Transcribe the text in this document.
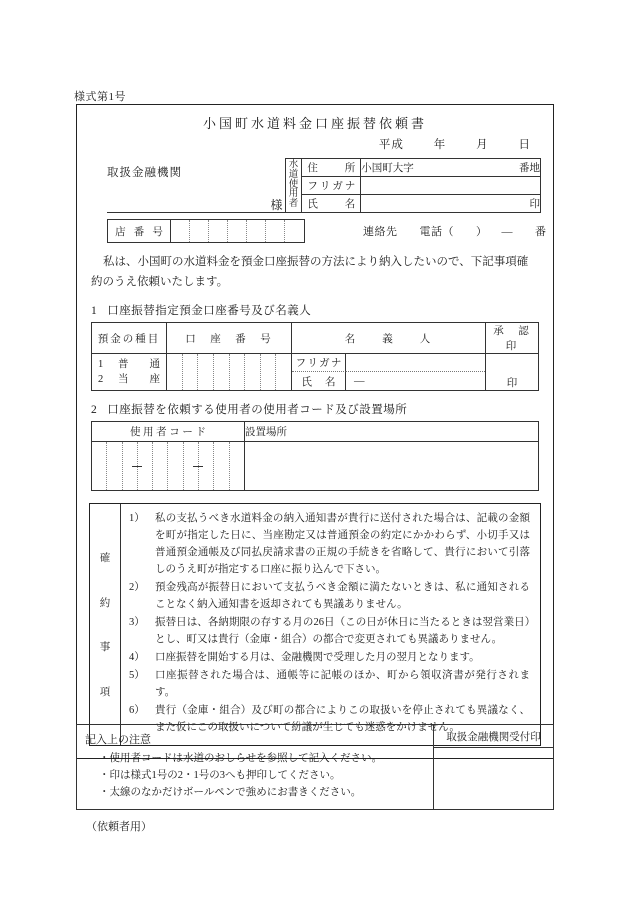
様式第1号
小国町水道料金口座振替依頼書
平成	年	月	日
取扱金融機関
様
水
道
使
用
者

住	所	小国町大字	番地

	フ リ ガ ナ	

	氏 名	印
店 番 号	連絡先 電話（ ） — 番
私は、小国町の水道料金を預金口座振替の方法により納入したいので、下記事項確約のうえ依頼いたします。
1 口座振替指定預金口座番号及び名義人
預金の種目	口　座　番　号	名　　義　　人	承　認　印

1 普　　通
2 当　　座

フ リ ガ ナ
氏 名	—	印
2 口座振替を依頼する使用者の使用者コード及び設置場所
使 用 者 コ ー ド	設置場所

確
約
事
項
1） 私の支払うべき水道料金の納入通知書が貴行に送付された場合は、記載の金額を町が指定した日に、当座勘定又は普通預金の約定にかかわらず、小切手又は普通預金通帳及び同払戻請求書の正規の手続きを省略して、貴行において引落しのうえ町が指定する口座に振り込んで下さい。
2） 預金残高が振替日において支払うべき金額に満たないときは、私に通知されることなく納入通知書を返却されても異議ありません。
3） 振替日は、各納期限の存する月の26日（この日が休日に当たるときは翌営業日）とし、町又は貴行（金庫・組合）の都合で変更されても異議ありません。
4） 口座振替を開始する月は、金融機関で受理した月の翌月となります。
5） 口座振替された場合は、通帳等に記帳のほか、町から領収済書が発行されます。
6） 貴行（金庫・組合）及び町の都合によりこの取扱いを停止されても異議なく、また仮にこの取扱いについて紛議が生じても迷惑をかけません。
記入上の注意
・使用者コードは水道のおしらせを参照して記入ください。
・印は様式1号の2・1号の3へも押印してください。
・太線のなかだけボールペンで強めにお書きください。
取扱金融機関受付印
（依頼者用）
